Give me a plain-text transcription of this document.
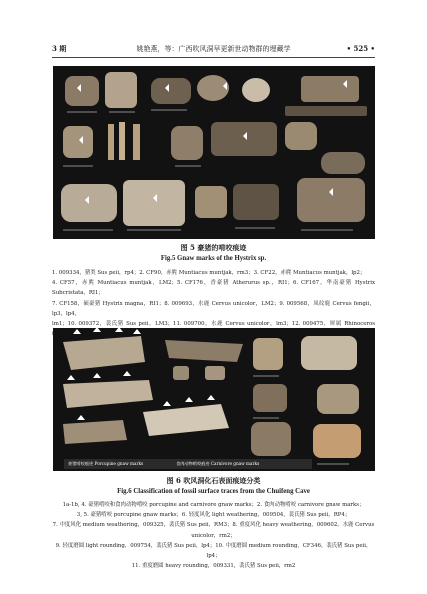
3 期	姚艳燕，等：广西吹风洞早更新世动物群的埋藏学	• 525 •
图 5 豪猪的啃咬痕迹
Fig.5 Gnaw marks of the Hystrix sp.
1. 009334，猪类 Sus peii，rp4；2. CF90，赤麂 Muntiacus muntjak，rm3；3. CF22，赤麂 Muntiacus muntjak，lp2；
4. CF57，赤麂 Muntiacus muntjak，LM2；5. CF176，香豪猪 Atherurus sp.，RI1；6. CF167，华南豪猪 Hystrix Subcristata，RI1；
7. CF158，硕豪猪 Hystrix magna，RI1；8. 009693，水鹿 Cervus unicolor，LM2；9. 009568，凤纹鹿 Cervus fengii，lp3，lp4，
lm1；10. 009372，裴氏猪 Sus peii，LM3；11. 009700，水鹿 Cervus unicolor，lm3；12. 009475，犀属 Rhinoceros
豪猪啃咬痕迹 Porcupine gnaw marks	食肉动物啃咬痕迹 Carnivore gnaw marks
图 6 吹风洞化石表面痕迹分类
Fig.6 Classification of fossil surface traces from the Chuifeng Cave
1a-1b, 4. 豪猪啃咬和食肉动物啃咬 porcupine and carnivore gnaw marks；2. 食肉动物啃咬 carnivore gnaw marks；
3, 5. 豪猪啃咬 porcupine gnaw marks；6. 轻度风化 light weathering，009504，裴氏猪 Sus peii，RP4；
7. 中度风化 medium weathering，009325，裴氏猪 Sus peii，RM3；8. 重度风化 heavy weathering，009602，水鹿 Cervus unicolor，rm2；
9. 轻度磨圆 light rounding，009754，裴氏猪 Sus peii，lp4；10. 中度磨圆 medium rounding，CF346，裴氏猪 Sus peii，lp4；
11. 重度磨圆 heavy rounding，009331，裴氏猪 Sus peii，rm2
